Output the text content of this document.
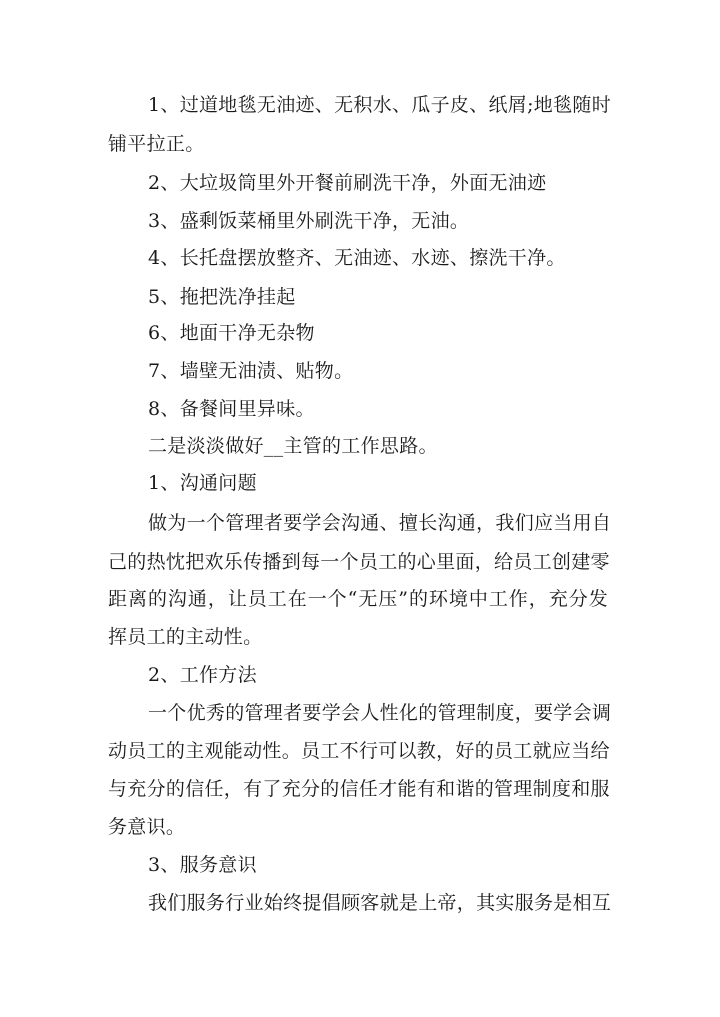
1、过道地毯无油迹、无积水、瓜子皮、纸屑;地毯随时
铺平拉正。
2、大垃圾筒里外开餐前刷洗干净，外面无油迹
3、盛剩饭菜桶里外刷洗干净，无油。
4、长托盘摆放整齐、无油迹、水迹、擦洗干净。
5、拖把洗净挂起
6、地面干净无杂物
7、墙壁无油渍、贴物。
8、备餐间里异味。
二是淡淡做好__主管的工作思路。
1、沟通问题
做为一个管理者要学会沟通、擅长沟通，我们应当用自
己的热忱把欢乐传播到每一个员工的心里面，给员工创建零
距离的沟通，让员工在一个“无压”的环境中工作，充分发
挥员工的主动性。
2、工作方法
一个优秀的管理者要学会人性化的管理制度，要学会调
动员工的主观能动性。员工不行可以教，好的员工就应当给
与充分的信任，有了充分的信任才能有和谐的管理制度和服
务意识。
3、服务意识
我们服务行业始终提倡顾客就是上帝，其实服务是相互
